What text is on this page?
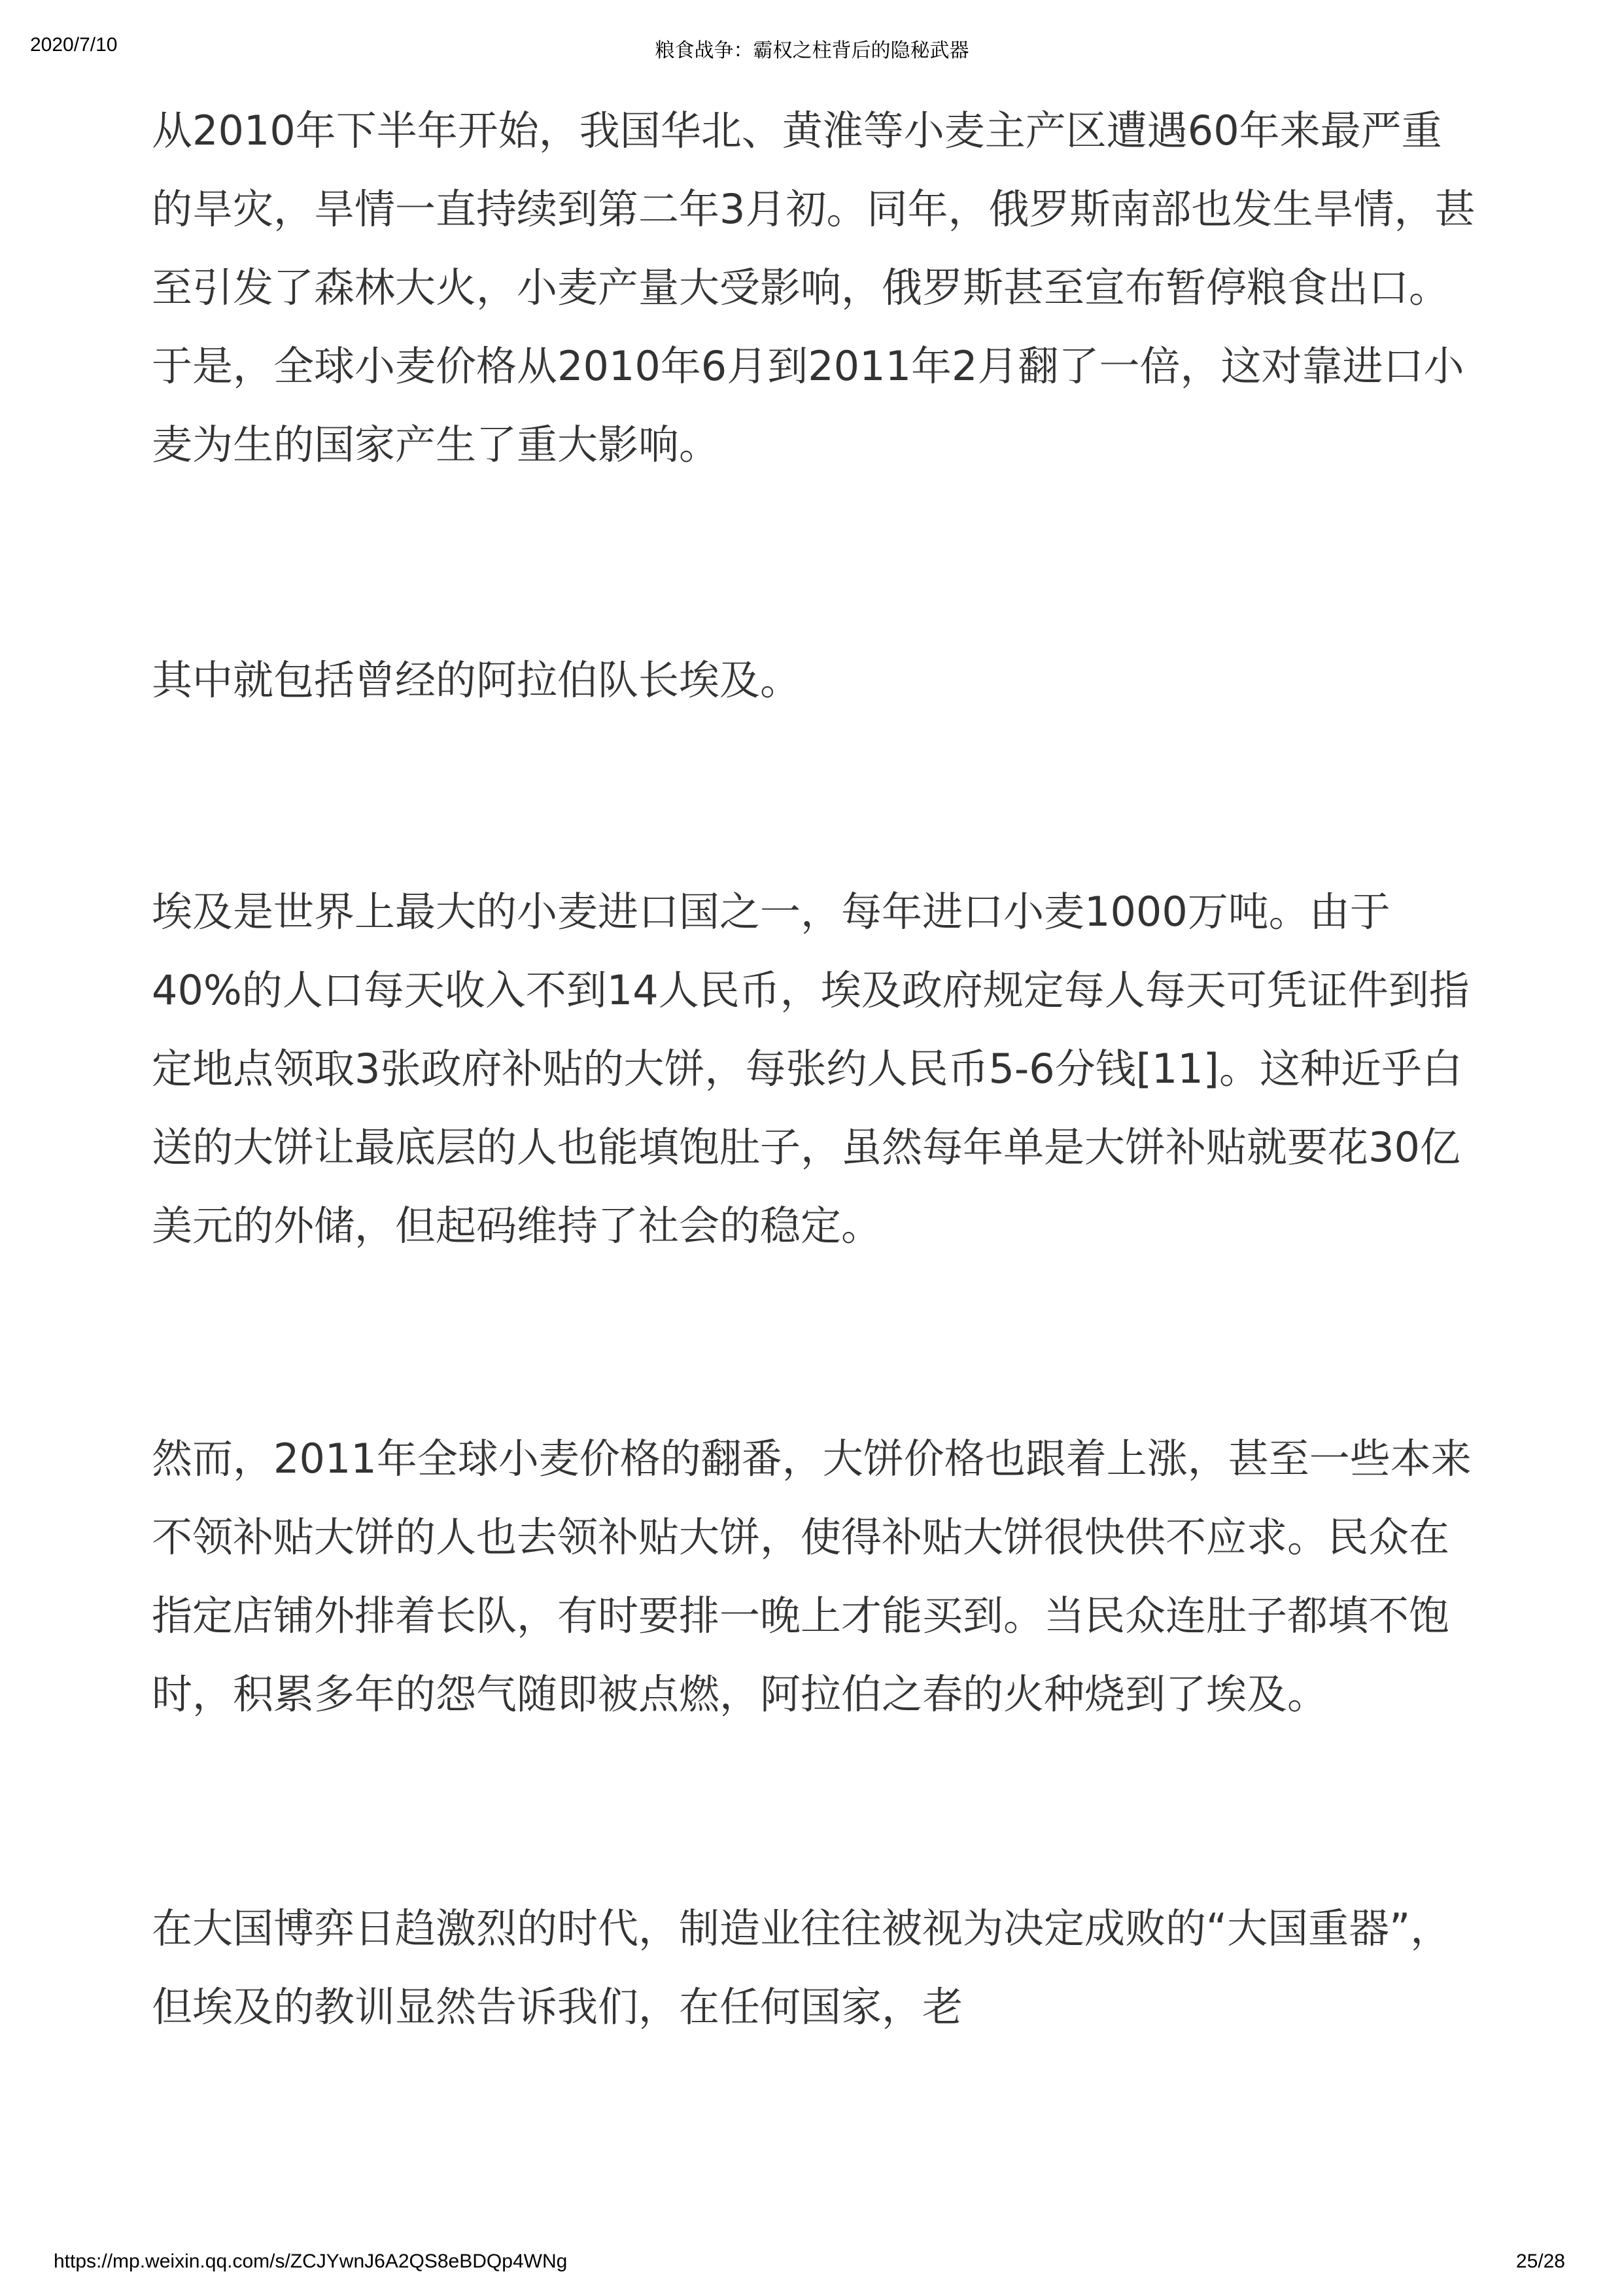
2020/7/10	粮食战争：霸权之柱背后的隐秘武器

从2010年下半年开始，我国华北、黄淮等小麦主产区遭遇60年来最严重的旱灾，旱情一直持续到第二年3月初。同年，俄罗斯南部也发生旱情，甚至引发了森林大火，小麦产量大受影响，俄罗斯甚至宣布暂停粮食出口。于是，全球小麦价格从2010年6月到2011年2月翻了一倍，这对靠进口小麦为生的国家产生了重大影响。

其中就包括曾经的阿拉伯队长埃及。

埃及是世界上最大的小麦进口国之一，每年进口小麦1000万吨。由于40%的人口每天收入不到14人民币，埃及政府规定每人每天可凭证件到指定地点领取3张政府补贴的大饼，每张约人民币5-6分钱[11]。这种近乎白送的大饼让最底层的人也能填饱肚子，虽然每年单是大饼补贴就要花30亿美元的外储，但起码维持了社会的稳定。

然而，2011年全球小麦价格的翻番，大饼价格也跟着上涨，甚至一些本来不领补贴大饼的人也去领补贴大饼，使得补贴大饼很快供不应求。民众在指定店铺外排着长队，有时要排一晚上才能买到。当民众连肚子都填不饱时，积累多年的怨气随即被点燃，阿拉伯之春的火种烧到了埃及。

在大国博弈日趋激烈的时代，制造业往往被视为决定成败的“大国重器”，但埃及的教训显然告诉我们，在任何国家，老

https://mp.weixin.qq.com/s/ZCJYwnJ6A2QS8eBDQp4WNg	25/28
